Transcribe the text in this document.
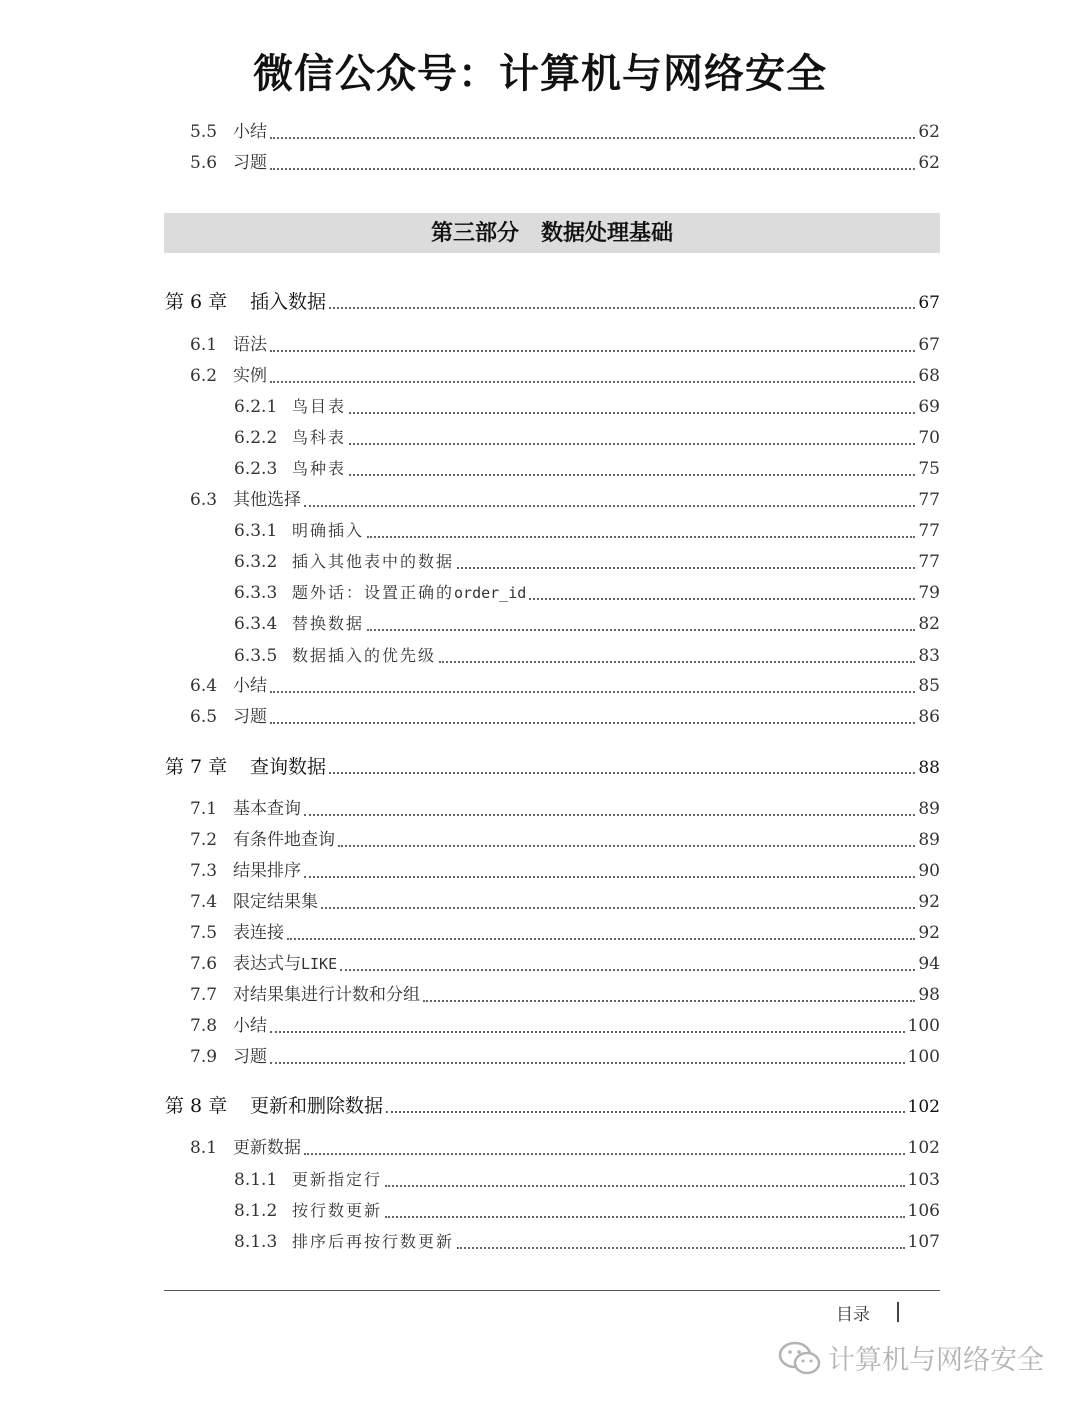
微信公众号：计算机与网络安全
5.5 小结	62
5.6 习题	62
第 6 章	插入数据	67
6.1 语法	67
6.2 实例	68
6.2.1 鸟目表	69
6.2.2 鸟科表	70
6.2.3 鸟种表	75
6.3 其他选择	77
6.3.1 明确插入	77
6.3.2 插入其他表中的数据	77
6.3.3 题外话：设置正确的order_id	79
6.3.4 替换数据	82
6.3.5 数据插入的优先级	83
6.4 小结	85
6.5 习题	86
第 7 章	查询数据	88
7.1 基本查询	89
7.2 有条件地查询	89
7.3 结果排序	90
7.4 限定结果集	92
7.5 表连接	92
7.6 表达式与LIKE	94
7.7 对结果集进行计数和分组	98
7.8 小结	100
7.9 习题	100
第 8 章	更新和删除数据	102
8.1 更新数据	102
8.1.1 更新指定行	103
8.1.2 按行数更新	106
8.1.3 排序后再按行数更新	107
第三部分　数据处理基础
目录
计算机与网络安全
